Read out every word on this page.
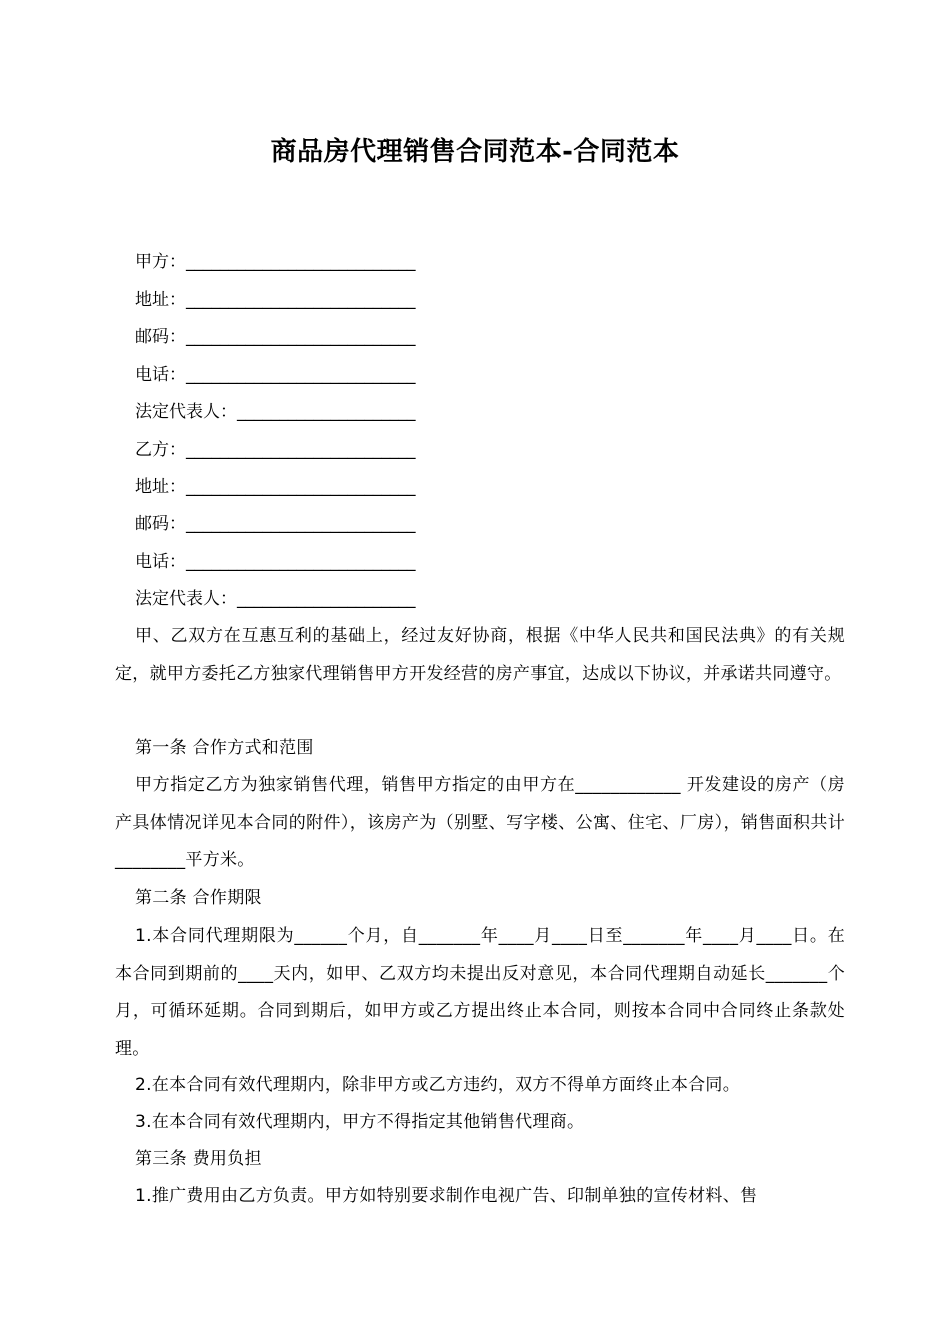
商品房代理销售合同范本-合同范本
甲方：___________________________
地址：___________________________
邮码：___________________________
电话：___________________________
法定代表人：_____________________
乙方：___________________________
地址：___________________________
邮码：___________________________
电话：___________________________
法定代表人：_____________________
甲、乙双方在互惠互利的基础上，经过友好协商，根据《中华人民共和国民法典》的有关规定，就甲方委托乙方独家代理销售甲方开发经营的房产事宜，达成以下协议，并承诺共同遵守。
第一条 合作方式和范围
甲方指定乙方为独家销售代理，销售甲方指定的由甲方在____________ 开发建设的房产（房产具体情况详见本合同的附件），该房产为（别墅、写字楼、公寓、住宅、厂房），销售面积共计________平方米。
第二条 合作期限
1.本合同代理期限为______个月，自_______年____月____日至_______年____月____日。在本合同到期前的____天内，如甲、乙双方均未提出反对意见，本合同代理期自动延长_______个月，可循环延期。合同到期后，如甲方或乙方提出终止本合同，则按本合同中合同终止条款处理。
2.在本合同有效代理期内，除非甲方或乙方违约，双方不得单方面终止本合同。
3.在本合同有效代理期内，甲方不得指定其他销售代理商。
第三条 费用负担
1.推广费用由乙方负责。甲方如特别要求制作电视广告、印制单独的宣传材料、售
